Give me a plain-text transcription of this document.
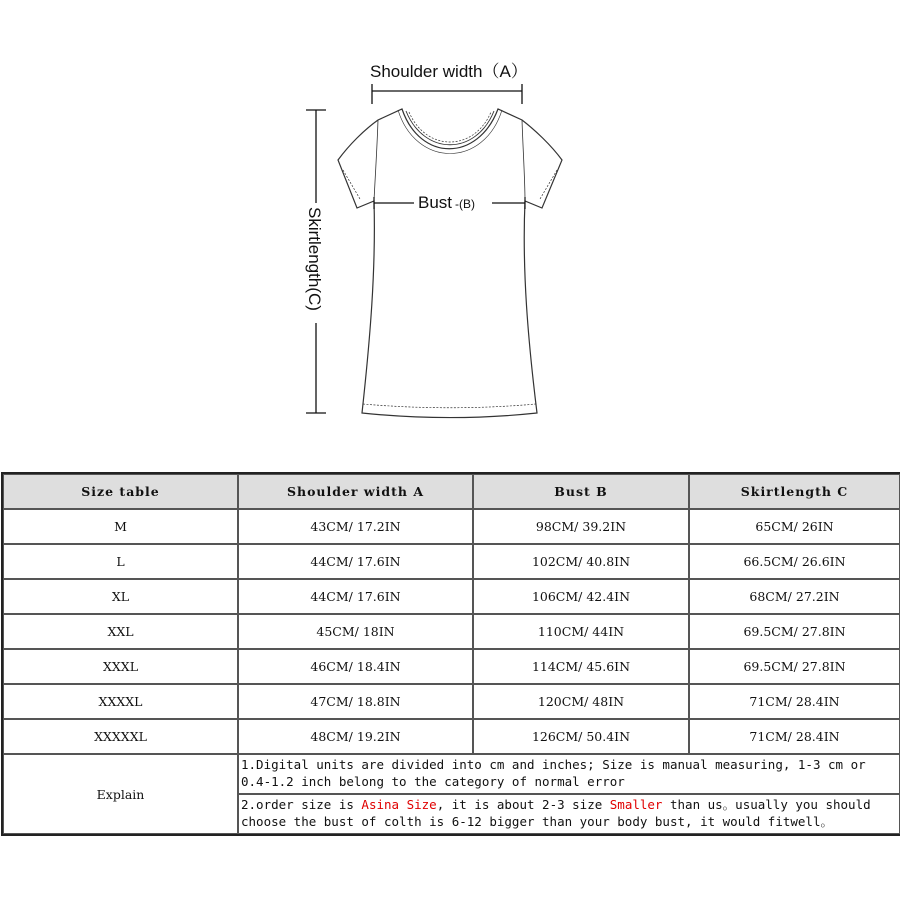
Shoulder width（A）
Skirtlength(C)
Bust -(B)
Size table	Shoulder width A	Bust B	Skirtlength C
M	43CM/ 17.2IN	98CM/ 39.2IN	65CM/ 26IN
L	44CM/ 17.6IN	102CM/ 40.8IN	66.5CM/ 26.6IN
XL	44CM/ 17.6IN	106CM/ 42.4IN	68CM/ 27.2IN
XXL	45CM/ 18IN	110CM/ 44IN	69.5CM/ 27.8IN
XXXL	46CM/ 18.4IN	114CM/ 45.6IN	69.5CM/ 27.8IN
XXXXL	47CM/ 18.8IN	120CM/ 48IN	71CM/ 28.4IN
XXXXXL	48CM/ 19.2IN	126CM/ 50.4IN	71CM/ 28.4IN
Explain	1.Digital units are divided into cm and inches; Size is manual measuring, 1-3 cm or 0.4-1.2 inch belong to the category of normal error		
	2.order size is Asina Size, it is about 2-3 size Smaller than us。usually you should choose the bust of colth is 6-12 bigger than your body bust, it would fitwell。		
